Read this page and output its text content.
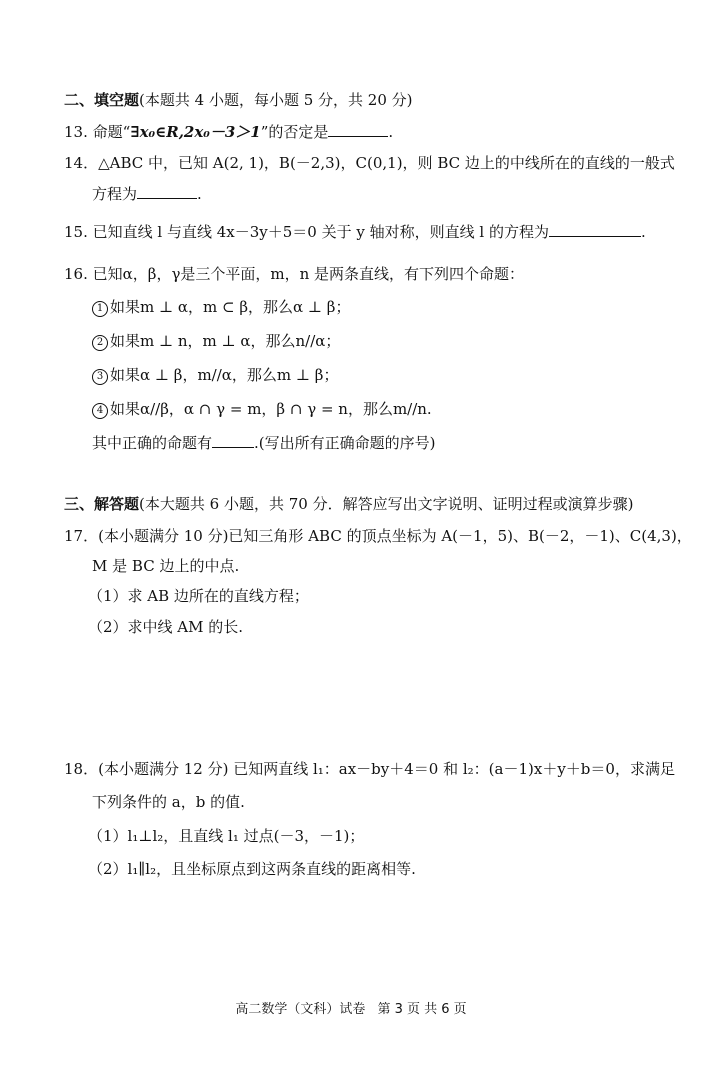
二、填空题(本题共 4 小题，每小题 5 分，共 20 分)
13. 命题“∃x₀∈R,2x₀－3＞1”的否定是	.
14．△ABC 中，已知 A(2, 1)，B(－2,3)，C(0,1)，则 BC 边上的中线所在的直线的一般式
方程为	.
15. 已知直线 l 与直线 4x－3y＋5＝0 关于 y 轴对称，则直线 l 的方程为	.
16. 已知α，β，γ是三个平面，m，n 是两条直线，有下列四个命题：
1 如果m ⊥ α，m ⊂ β，那么α ⊥ β；
2 如果m ⊥ n，m ⊥ α，那么n//α；
3 如果α ⊥ β，m//α，那么m ⊥ β；
4 如果α//β，α ∩ γ = m，β ∩ γ = n，那么m//n.
其中正确的命题有	.(写出所有正确命题的序号)
三、解答题(本大题共 6 小题，共 70 分．解答应写出文字说明、证明过程或演算步骤)
17．(本小题满分 10 分)已知三角形 ABC 的顶点坐标为 A(－1，5)、B(－2，－1)、C(4,3)，
M 是 BC 边上的中点.
（1）求 AB 边所在的直线方程；
（2）求中线 AM 的长.
18．(本小题满分 12 分) 已知两直线 l₁：ax－by＋4＝0 和 l₂：(a－1)x＋y＋b＝0，求满足
下列条件的 a，b 的值.
（1）l₁⊥l₂，且直线 l₁ 过点(－3，－1)；
（2）l₁∥l₂，且坐标原点到这两条直线的距离相等.
高二数学（文科）试卷 第 3 页 共 6 页
